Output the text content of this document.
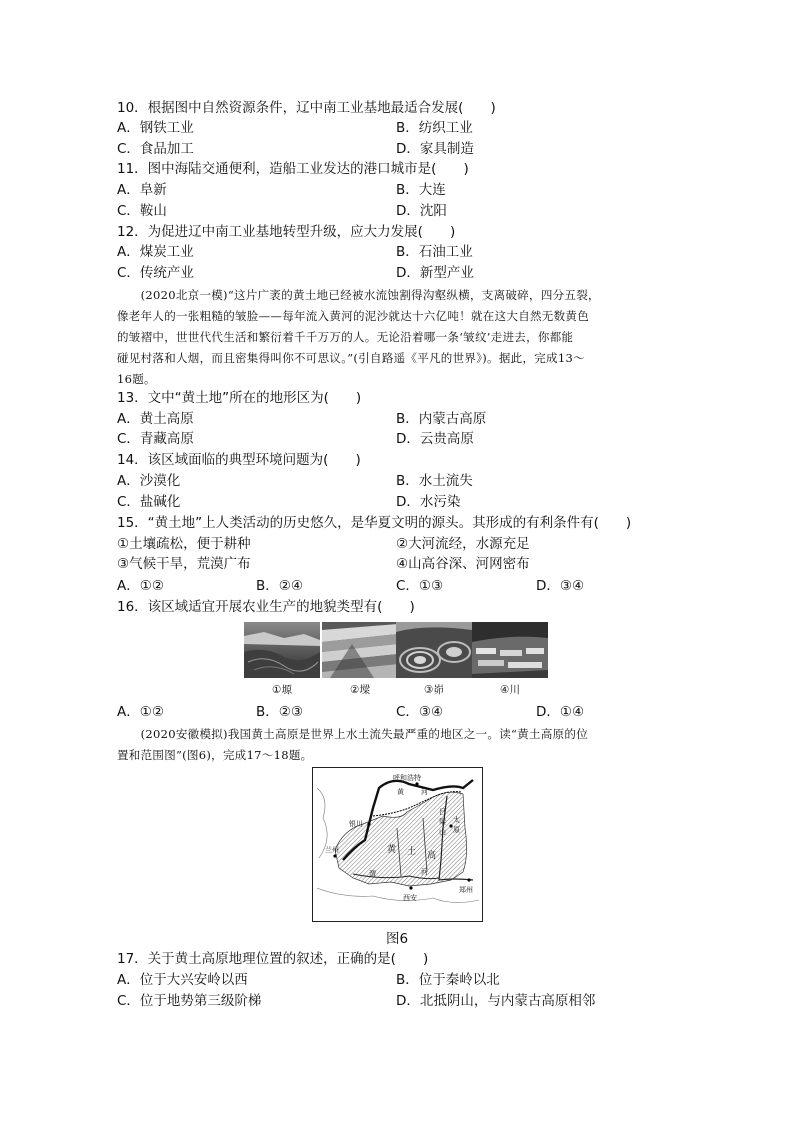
10．根据图中自然资源条件，辽中南工业基地最适合发展(　　)
A．钢铁工业	B．纺织工业
C．食品加工	D．家具制造
11．图中海陆交通便利，造船工业发达的港口城市是(　　)
A．阜新	B．大连
C．鞍山	D．沈阳
12．为促进辽中南工业基地转型升级，应大力发展(　　)
A．煤炭工业	B．石油工业
C．传统产业	D．新型产业
　　(2020北京一模)“这片广袤的黄土地已经被水流蚀割得沟壑纵横，支离破碎，四分五裂，
像老年人的一张粗糙的皱脸——每年流入黄河的泥沙就达十六亿吨！就在这大自然无数黄色
的皱褶中，世世代代生活和繁衍着千千万万的人。无论沿着哪一条‘皱纹’走进去，你都能
碰见村落和人烟，而且密集得叫你不可思议。”(引自路遥《平凡的世界》)。据此，完成13～
16题。
13．文中“黄土地”所在的地形区为(　　)
A．黄土高原	B．内蒙古高原
C．青藏高原	D．云贵高原
14．该区域面临的典型环境问题为(　　)
A．沙漠化	B．水土流失
C．盐碱化	D．水污染
15．“黄土地”上人类活动的历史悠久，是华夏文明的源头。其形成的有利条件有(　　)
①土壤疏松，便于耕种	②大河流经，水源充足
③气候干旱，荒漠广布	④山高谷深、河网密布
A．①②	B．②④	C．①③	D．③④
16．该区域适宜开展农业生产的地貌类型有(　　)
①塬	②墚	③峁	④川
A．①②	B．②③	C．③④	D．①④
　　(2020安徽模拟)我国黄土高原是世界上水土流失最严重的地区之一。读“黄土高原的位
置和范围图”(图6)，完成17～18题。
呼和浩特
黄 河
银川
吕
梁
山
太
原
黄 土 高
兰州
渭	河
西安
郑州
图6
17．关于黄土高原地理位置的叙述，正确的是(　　)
A．位于大兴安岭以西	B．位于秦岭以北
C．位于地势第三级阶梯	D．北抵阴山，与内蒙古高原相邻
